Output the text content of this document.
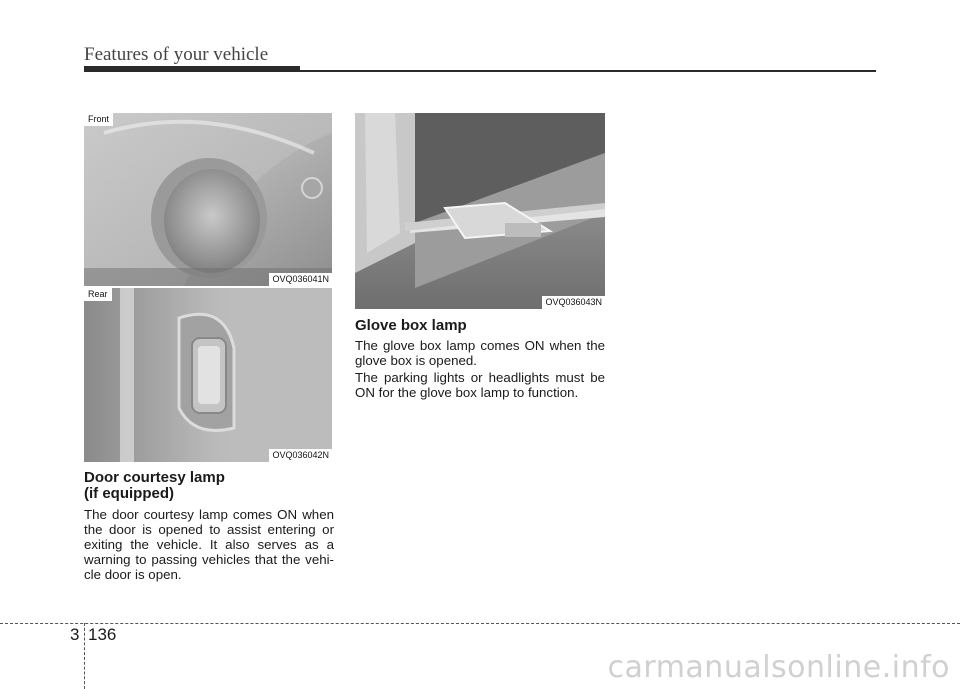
Features of your vehicle
Front
OVQ036041N
Rear
OVQ036042N
OVQ036043N
Door courtesy lamp
(if equipped)

The door courtesy lamp comes ON when the door is opened to assist entering or exiting the vehicle. It also serves as a warning to passing vehicles that the vehi-cle door is open.

Glove box lamp

The glove box lamp comes ON when the glove box is opened.

The parking lights or headlights must be ON for the glove box lamp to function.

3 136
carmanualsonline.info
